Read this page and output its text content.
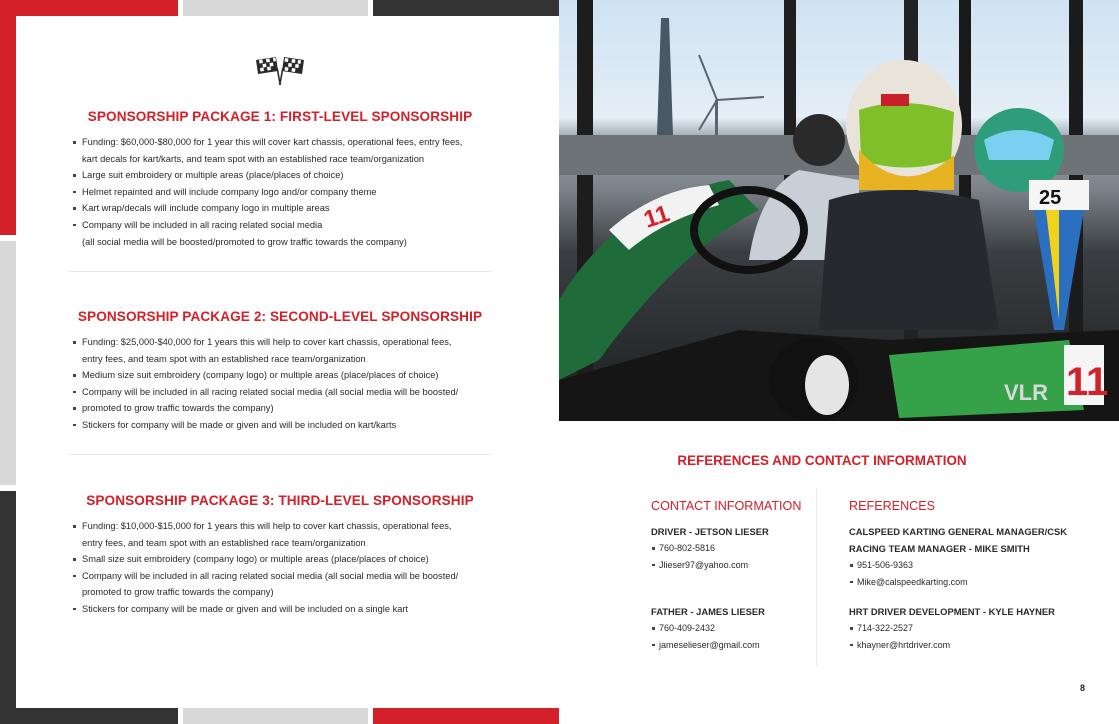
SPONSORSHIP PACKAGE 1: FIRST-LEVEL SPONSORSHIP
Funding: $60,000-$80,000 for 1 year this will cover kart chassis, operational fees, entry fees,
kart decals for kart/karts, and team spot with an established race team/organization
Large suit embroidery or multiple areas (place/places of choice)
Helmet repainted and will include company logo and/or company theme
Kart wrap/decals will include company logo in multiple areas
Company will be included in all racing related social media
(all social media will be boosted/promoted to grow traffic towards the company)
SPONSORSHIP PACKAGE 2: SECOND-LEVEL SPONSORSHIP
Funding: $25,000-$40,000 for 1 years this will help to cover kart chassis, operational fees,
entry fees, and team spot with an established race team/organization
Medium size suit embroidery (company logo) or multiple areas (place/places of choice)
Company will be included in all racing related social media (all social media will be boosted/
promoted to grow traffic towards the company)
Stickers for company will be made or given and will be included on kart/karts
SPONSORSHIP PACKAGE 3: THIRD-LEVEL SPONSORSHIP
Funding: $10,000-$15,000 for 1 years this will help to cover kart chassis, operational fees,
entry fees, and team spot with an established race team/organization
Small size suit embroidery (company logo) or multiple areas (place/places of choice)
Company will be included in all racing related social media (all social media will be boosted/
promoted to grow traffic towards the company)
Stickers for company will be made or given and will be included on a single kart
25
11
VLR 11
REFERENCES AND CONTACT INFORMATION
CONTACT INFORMATION	REFERENCES
DRIVER - JETSON LIESER
760-802-5816
Jlieser97@yahoo.com
FATHER - JAMES LIESER
760-409-2432
jameselieser@gmail.com
CALSPEED KARTING GENERAL MANAGER/CSK
RACING TEAM MANAGER - MIKE SMITH
951-506-9363
Mike@calspeedkarting.com
HRT DRIVER DEVELOPMENT - KYLE HAYNER
714-322-2527
khayner@hrtdriver.com
8
